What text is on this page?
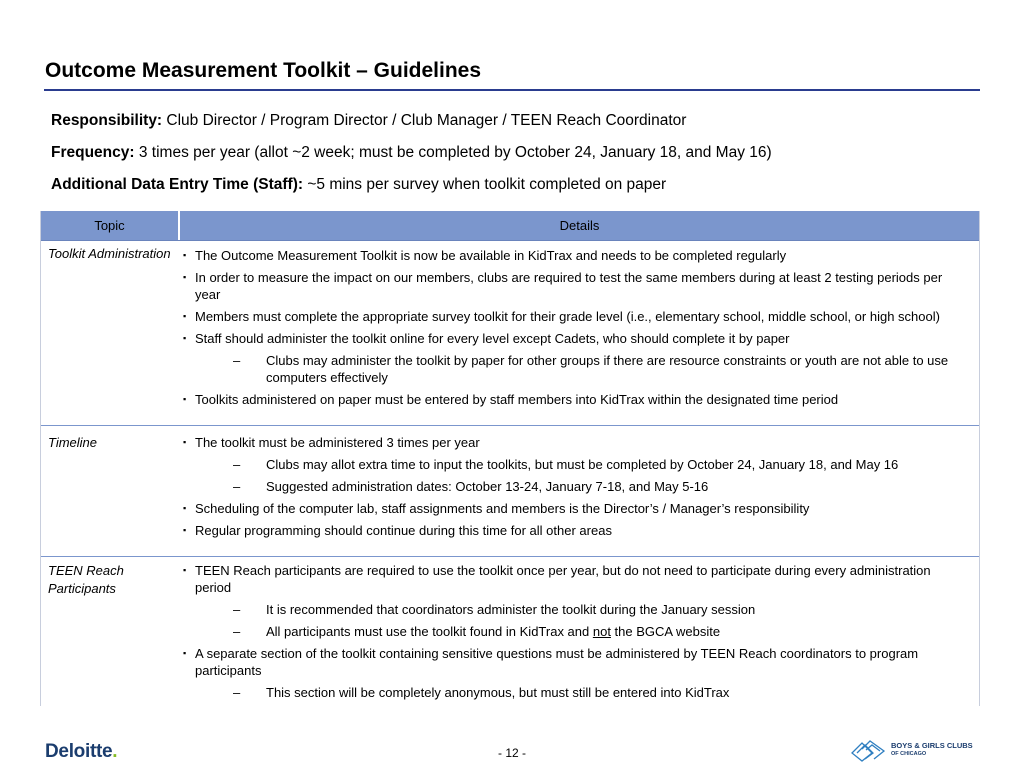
Outcome Measurement Toolkit – Guidelines
Responsibility: Club Director / Program Director / Club Manager / TEEN Reach Coordinator
Frequency: 3 times per year (allot ~2 week; must be completed by October 24, January 18, and May 16)
Additional Data Entry Time (Staff): ~5 mins per survey when toolkit completed on paper
Topic	Details
Toolkit Administration	▪ The Outcome Measurement Toolkit is now be available in KidTrax and needs to be completed regularly
▪ In order to measure the impact on our members, clubs are required to test the same members during at least 2 testing periods per year
▪ Members must complete the appropriate survey toolkit for their grade level (i.e., elementary school, middle school, or high school)
▪ Staff should administer the toolkit online for every level except Cadets, who should complete it by paper
– Clubs may administer the toolkit by paper for other groups if there are resource constraints or youth are not able to use computers effectively
▪ Toolkits administered on paper must be entered by staff members into KidTrax within the designated time period
Timeline	▪ The toolkit must be administered 3 times per year
– Clubs may allot extra time to input the toolkits, but must be completed by October 24, January 18, and May 16
– Suggested administration dates: October 13-24, January 7-18, and May 5-16
▪ Scheduling of the computer lab, staff assignments and members is the Director’s / Manager’s responsibility
▪ Regular programming should continue during this time for all other areas
TEEN Reach Participants
▪ TEEN Reach participants are required to use the toolkit once per year, but do not need to participate during every administration period
– It is recommended that coordinators administer the toolkit during the January session
– All participants must use the toolkit found in KidTrax and not the BGCA website
▪ A separate section of the toolkit containing sensitive questions must be administered by TEEN Reach coordinators to program participants
– This section will be completely anonymous, but must still be entered into KidTrax
Deloitte.	- 12 -
BOYS & GIRLS CLUBS
OF CHICAGO
